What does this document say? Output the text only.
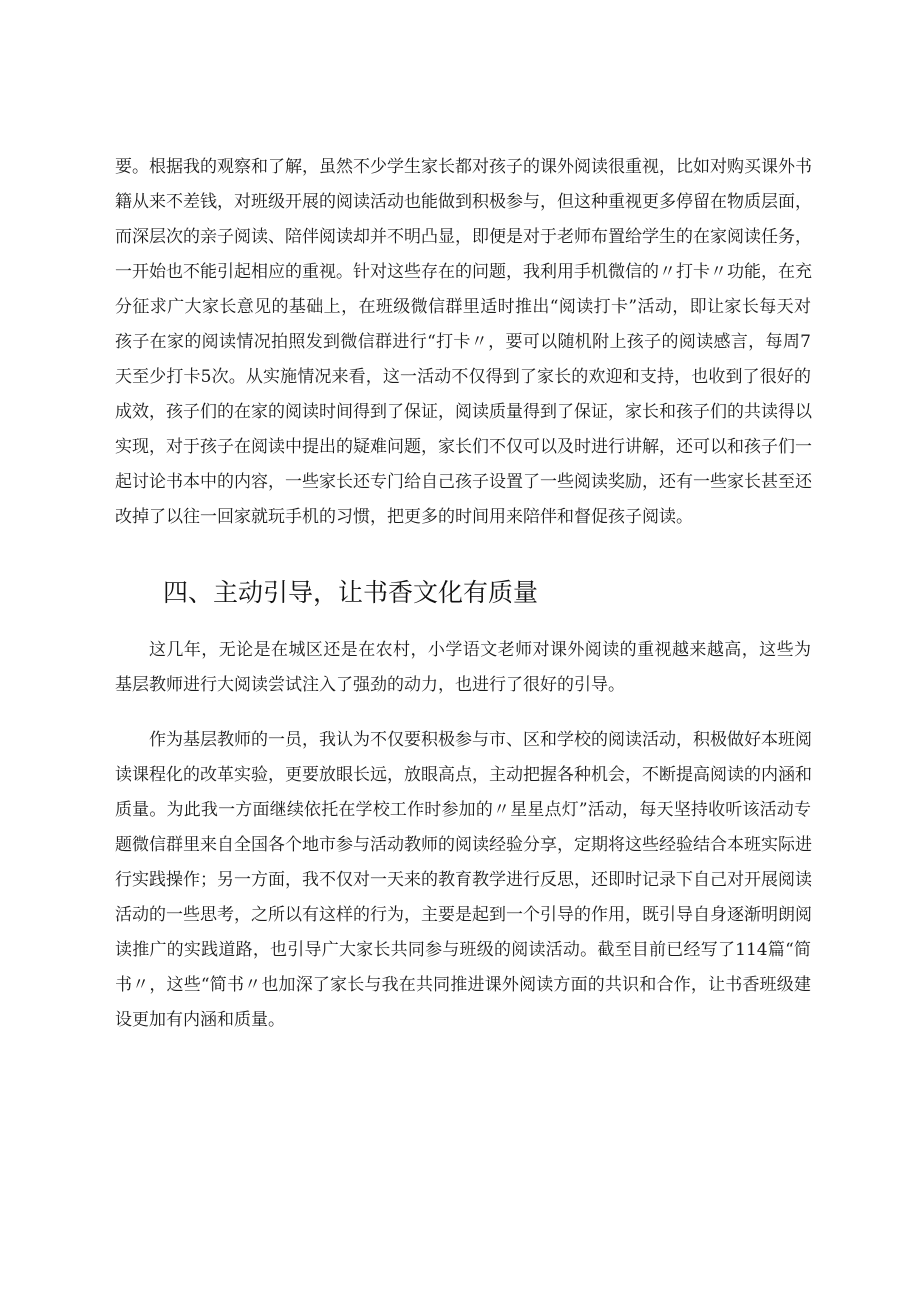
要。根据我的观察和了解，虽然不少学生家长都对孩子的课外阅读很重视，比如对购买课外书
籍从来不差钱，对班级开展的阅读活动也能做到积极参与，但这种重视更多停留在物质层面，
而深层次的亲子阅读、陪伴阅读却并不明凸显，即便是对于老师布置给学生的在家阅读任务，
一开始也不能引起相应的重视。针对这些存在的问题，我利用手机微信的〃打卡〃功能，在充
分征求广大家长意见的基础上，在班级微信群里适时推出“阅读打卡”活动，即让家长每天对
孩子在家的阅读情况拍照发到微信群进行“打卡〃，要可以随机附上孩子的阅读感言，每周7
天至少打卡5次。从实施情况来看，这一活动不仅得到了家长的欢迎和支持，也收到了很好的
成效，孩子们的在家的阅读时间得到了保证，阅读质量得到了保证，家长和孩子们的共读得以
实现，对于孩子在阅读中提出的疑难问题，家长们不仅可以及时进行讲解，还可以和孩子们一
起讨论书本中的内容，一些家长还专门给自己孩子设置了一些阅读奖励，还有一些家长甚至还
改掉了以往一回家就玩手机的习惯，把更多的时间用来陪伴和督促孩子阅读。
四、主动引导，让书香文化有质量
这几年，无论是在城区还是在农村，小学语文老师对课外阅读的重视越来越高，这些为
基层教师进行大阅读尝试注入了强劲的动力，也进行了很好的引导。
作为基层教师的一员，我认为不仅要积极参与市、区和学校的阅读活动，积极做好本班阅
读课程化的改革实验，更要放眼长远，放眼高点，主动把握各种机会，不断提高阅读的内涵和
质量。为此我一方面继续依托在学校工作时参加的〃星星点灯”活动，每天坚持收听该活动专
题微信群里来自全国各个地市参与活动教师的阅读经验分享，定期将这些经验结合本班实际进
行实践操作；另一方面，我不仅对一天来的教育教学进行反思，还即时记录下自己对开展阅读
活动的一些思考，之所以有这样的行为，主要是起到一个引导的作用，既引导自身逐渐明朗阅
读推广的实践道路，也引导广大家长共同参与班级的阅读活动。截至目前已经写了114篇“简
书〃，这些“简书〃也加深了家长与我在共同推进课外阅读方面的共识和合作，让书香班级建
设更加有内涵和质量。
